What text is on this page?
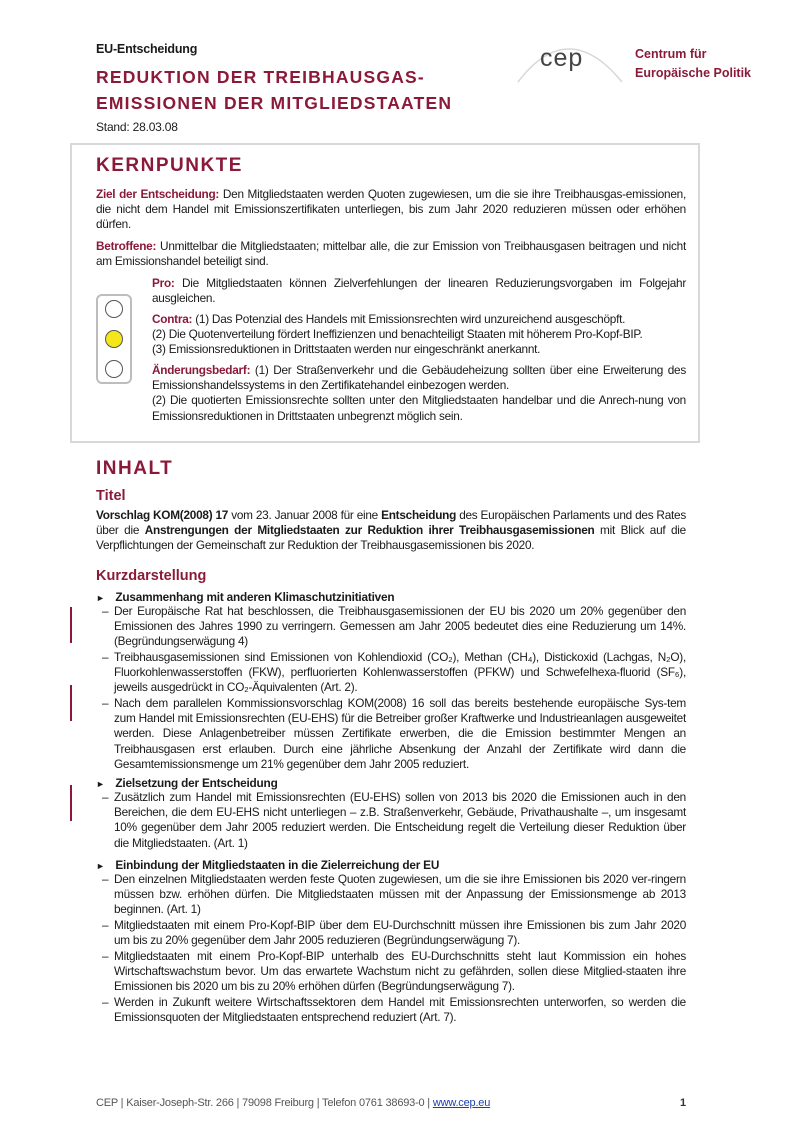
EU-Entscheidung
REDUKTION DER TREIBHAUSGAS-
EMISSIONEN DER MITGLIEDSTAATEN
Stand: 28.03.08
cep	Centrum für
Europäische Politik
KERNPUNKTE
Ziel der Entscheidung: Den Mitgliedstaaten werden Quoten zugewiesen, um die sie ihre Treibhausgas-emissionen, die nicht dem Handel mit Emissionszertifikaten unterliegen, bis zum Jahr 2020 reduzieren müssen oder erhöhen dürfen.
Betroffene: Unmittelbar die Mitgliedstaaten; mittelbar alle, die zur Emission von Treibhausgasen beitragen und nicht am Emissionshandel beteiligt sind.
Pro: Die Mitgliedstaaten können Zielverfehlungen der linearen Reduzierungsvorgaben im Folgejahr ausgleichen.
Contra: (1) Das Potenzial des Handels mit Emissionsrechten wird unzureichend ausgeschöpft.
(2) Die Quotenverteilung fördert Ineffizienzen und benachteiligt Staaten mit höherem Pro-Kopf-BIP.
(3) Emissionsreduktionen in Drittstaaten werden nur eingeschränkt anerkannt.
Änderungsbedarf: (1) Der Straßenverkehr und die Gebäudeheizung sollten über eine Erweiterung des Emissionshandelssystems in den Zertifikatehandel einbezogen werden.
(2) Die quotierten Emissionsrechte sollten unter den Mitgliedstaaten handelbar und die Anrech-nung von Emissionsreduktionen in Drittstaaten unbegrenzt möglich sein.
INHALT
Titel
Vorschlag KOM(2008) 17 vom 23. Januar 2008 für eine Entscheidung des Europäischen Parlaments und des Rates über die Anstrengungen der Mitgliedstaaten zur Reduktion ihrer Treibhausgasemissionen mit Blick auf die Verpflichtungen der Gemeinschaft zur Reduktion der Treibhausgasemissionen bis 2020.
Kurzdarstellung
► Zusammenhang mit anderen Klimaschutzinitiativen
– Der Europäische Rat hat beschlossen, die Treibhausgasemissionen der EU bis 2020 um 20% gegenüber den Emissionen des Jahres 1990 zu verringern. Gemessen am Jahr 2005 bedeutet dies eine Reduzierung um 14%. (Begründungserwägung 4)
– Treibhausgasemissionen sind Emissionen von Kohlendioxid (CO₂), Methan (CH₄), Distickoxid (Lachgas, N₂O), Fluorkohlenwasserstoffen (FKW), perfluorierten Kohlenwasserstoffen (PFKW) und Schwefelhexa-fluorid (SF₆), jeweils ausgedrückt in CO₂-Äquivalenten (Art. 2).
– Nach dem parallelen Kommissionsvorschlag KOM(2008) 16 soll das bereits bestehende europäische Sys-tem zum Handel mit Emissionsrechten (EU-EHS) für die Betreiber großer Kraftwerke und Industrieanlagen ausgeweitet werden. Diese Anlagenbetreiber müssen Zertifikate erwerben, die die Emission bestimmter Mengen an Treibhausgasen erst erlauben. Durch eine jährliche Absenkung der Anzahl der Zertifikate wird dann die Gesamtemissionsmenge um 21% gegenüber dem Jahr 2005 reduziert.
► Zielsetzung der Entscheidung
– Zusätzlich zum Handel mit Emissionsrechten (EU-EHS) sollen von 2013 bis 2020 die Emissionen auch in den Bereichen, die dem EU-EHS nicht unterliegen – z.B. Straßenverkehr, Gebäude, Privathaushalte –, um insgesamt 10% gegenüber dem Jahr 2005 reduziert werden. Die Entscheidung regelt die Verteilung dieser Reduktion über die Mitgliedstaaten. (Art. 1)
► Einbindung der Mitgliedstaaten in die Zielerreichung der EU
– Den einzelnen Mitgliedstaaten werden feste Quoten zugewiesen, um die sie ihre Emissionen bis 2020 ver-ringern müssen bzw. erhöhen dürfen. Die Mitgliedstaaten müssen mit der Anpassung der Emissionsmenge ab 2013 beginnen. (Art. 1)
– Mitgliedstaaten mit einem Pro-Kopf-BIP über dem EU-Durchschnitt müssen ihre Emissionen bis zum Jahr 2020 um bis zu 20% gegenüber dem Jahr 2005 reduzieren (Begründungserwägung 7).
– Mitgliedstaaten mit einem Pro-Kopf-BIP unterhalb des EU-Durchschnitts steht laut Kommission ein hohes Wirtschaftswachstum bevor. Um das erwartete Wachstum nicht zu gefährden, sollen diese Mitglied-staaten ihre Emissionen bis 2020 um bis zu 20% erhöhen dürfen (Begründungserwägung 7).
– Werden in Zukunft weitere Wirtschaftssektoren dem Handel mit Emissionsrechten unterworfen, so werden die Emissionsquoten der Mitgliedstaaten entsprechend reduziert (Art. 7).
CEP | Kaiser-Joseph-Str. 266 | 79098 Freiburg | Telefon 0761 38693-0 | www.cep.eu	1
